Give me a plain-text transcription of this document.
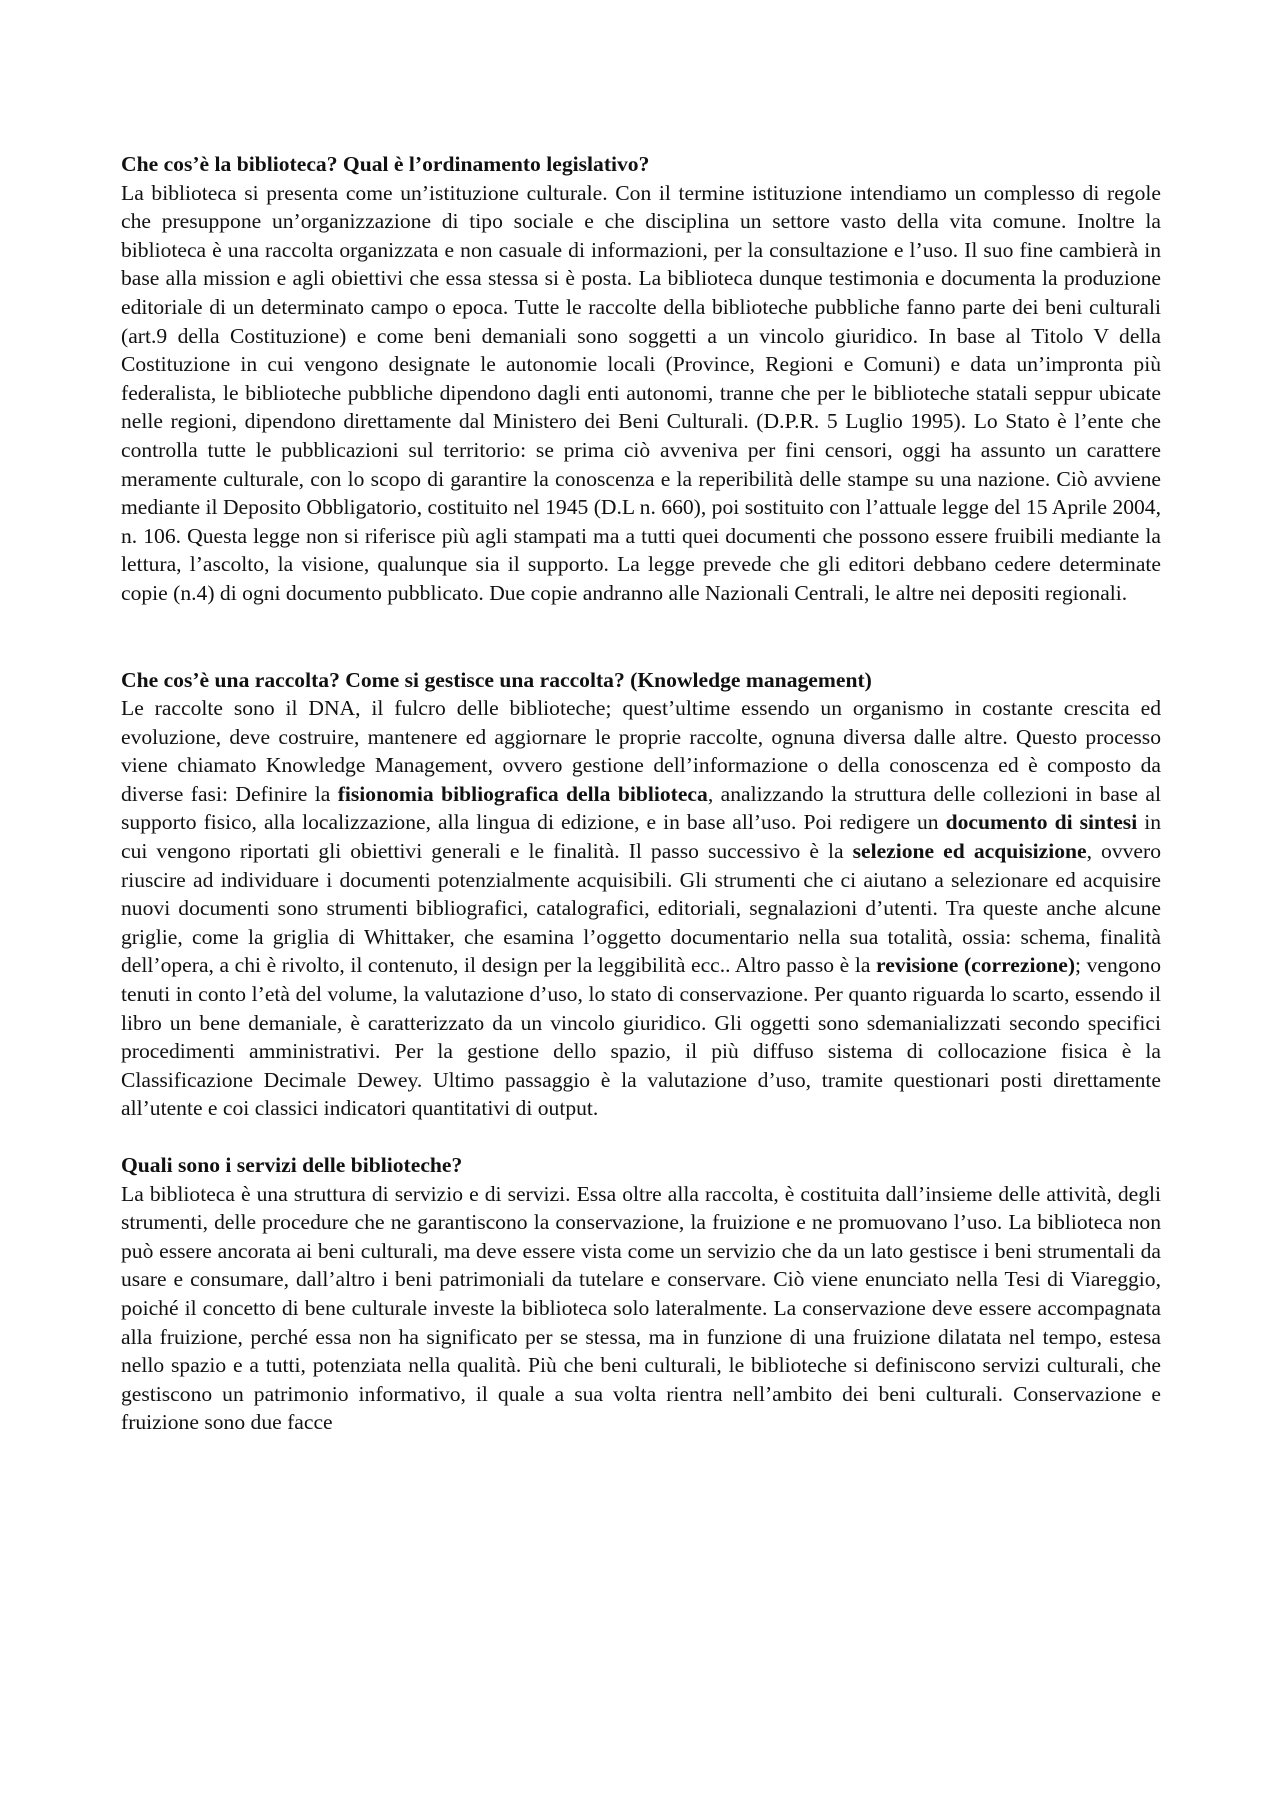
Che cos’è la biblioteca? Qual è l’ordinamento legislativo?

La biblioteca si presenta come un’istituzione culturale. Con il termine istituzione intendiamo un complesso di regole che presuppone un’organizzazione di tipo sociale e che disciplina un settore vasto della vita comune. Inoltre la biblioteca è una raccolta organizzata e non casuale di informazioni, per la consultazione e l’uso. Il suo fine cambierà in base alla mission e agli obiettivi che essa stessa si è posta. La biblioteca dunque testimonia e documenta la produzione editoriale di un determinato campo o epoca. Tutte le raccolte della biblioteche pubbliche fanno parte dei beni culturali (art.9 della Costituzione) e come beni demaniali sono soggetti a un vincolo giuridico. In base al Titolo V della Costituzione in cui vengono designate le autonomie locali (Province, Regioni e Comuni) e data un’impronta più federalista, le biblioteche pubbliche dipendono dagli enti autonomi, tranne che per le biblioteche statali seppur ubicate nelle regioni, dipendono direttamente dal Ministero dei Beni Culturali. (D.P.R. 5 Luglio 1995). Lo Stato è l’ente che controlla tutte le pubblicazioni sul territorio: se prima ciò avveniva per fini censori, oggi ha assunto un carattere meramente culturale, con lo scopo di garantire la conoscenza e la reperibilità delle stampe su una nazione. Ciò avviene mediante il Deposito Obbligatorio, costituito nel 1945 (D.L n. 660), poi sostituito con l’attuale legge del 15 Aprile 2004, n. 106. Questa legge non si riferisce più agli stampati ma a tutti quei documenti che possono essere fruibili mediante la lettura, l’ascolto, la visione, qualunque sia il supporto. La legge prevede che gli editori debbano cedere determinate copie (n.4) di ogni documento pubblicato. Due copie andranno alle Nazionali Centrali, le altre nei depositi regionali.

Che cos’è una raccolta? Come si gestisce una raccolta? (Knowledge management)

Le raccolte sono il DNA, il fulcro delle biblioteche; quest’ultime essendo un organismo in costante crescita ed evoluzione, deve costruire, mantenere ed aggiornare le proprie raccolte, ognuna diversa dalle altre. Questo processo viene chiamato Knowledge Management, ovvero gestione dell’informazione o della conoscenza ed è composto da diverse fasi: Definire la fisionomia bibliografica della biblioteca, analizzando la struttura delle collezioni in base al supporto fisico, alla localizzazione, alla lingua di edizione, e in base all’uso. Poi redigere un documento di sintesi in cui vengono riportati gli obiettivi generali e le finalità. Il passo successivo è la selezione ed acquisizione, ovvero riuscire ad individuare i documenti potenzialmente acquisibili. Gli strumenti che ci aiutano a selezionare ed acquisire nuovi documenti sono strumenti bibliografici, catalografici, editoriali, segnalazioni d’utenti. Tra queste anche alcune griglie, come la griglia di Whittaker, che esamina l’oggetto documentario nella sua totalità, ossia: schema, finalità dell’opera, a chi è rivolto, il contenuto, il design per la leggibilità ecc.. Altro passo è la revisione (correzione); vengono tenuti in conto l’età del volume, la valutazione d’uso, lo stato di conservazione. Per quanto riguarda lo scarto, essendo il libro un bene demaniale, è caratterizzato da un vincolo giuridico. Gli oggetti sono sdemanializzati secondo specifici procedimenti amministrativi. Per la gestione dello spazio, il più diffuso sistema di collocazione fisica è la Classificazione Decimale Dewey. Ultimo passaggio è la valutazione d’uso, tramite questionari posti direttamente all’utente e coi classici indicatori quantitativi di output.

Quali sono i servizi delle biblioteche?

La biblioteca è una struttura di servizio e di servizi. Essa oltre alla raccolta, è costituita dall’insieme delle attività, degli strumenti, delle procedure che ne garantiscono la conservazione, la fruizione e ne promuovano l’uso. La biblioteca non può essere ancorata ai beni culturali, ma deve essere vista come un servizio che da un lato gestisce i beni strumentali da usare e consumare, dall’altro i beni patrimoniali da tutelare e conservare. Ciò viene enunciato nella Tesi di Viareggio, poiché il concetto di bene culturale investe la biblioteca solo lateralmente. La conservazione deve essere accompagnata alla fruizione, perché essa non ha significato per se stessa, ma in funzione di una fruizione dilatata nel tempo, estesa nello spazio e a tutti, potenziata nella qualità. Più che beni culturali, le biblioteche si definiscono servizi culturali, che gestiscono un patrimonio informativo, il quale a sua volta rientra nell’ambito dei beni culturali. Conservazione e fruizione sono due facce
